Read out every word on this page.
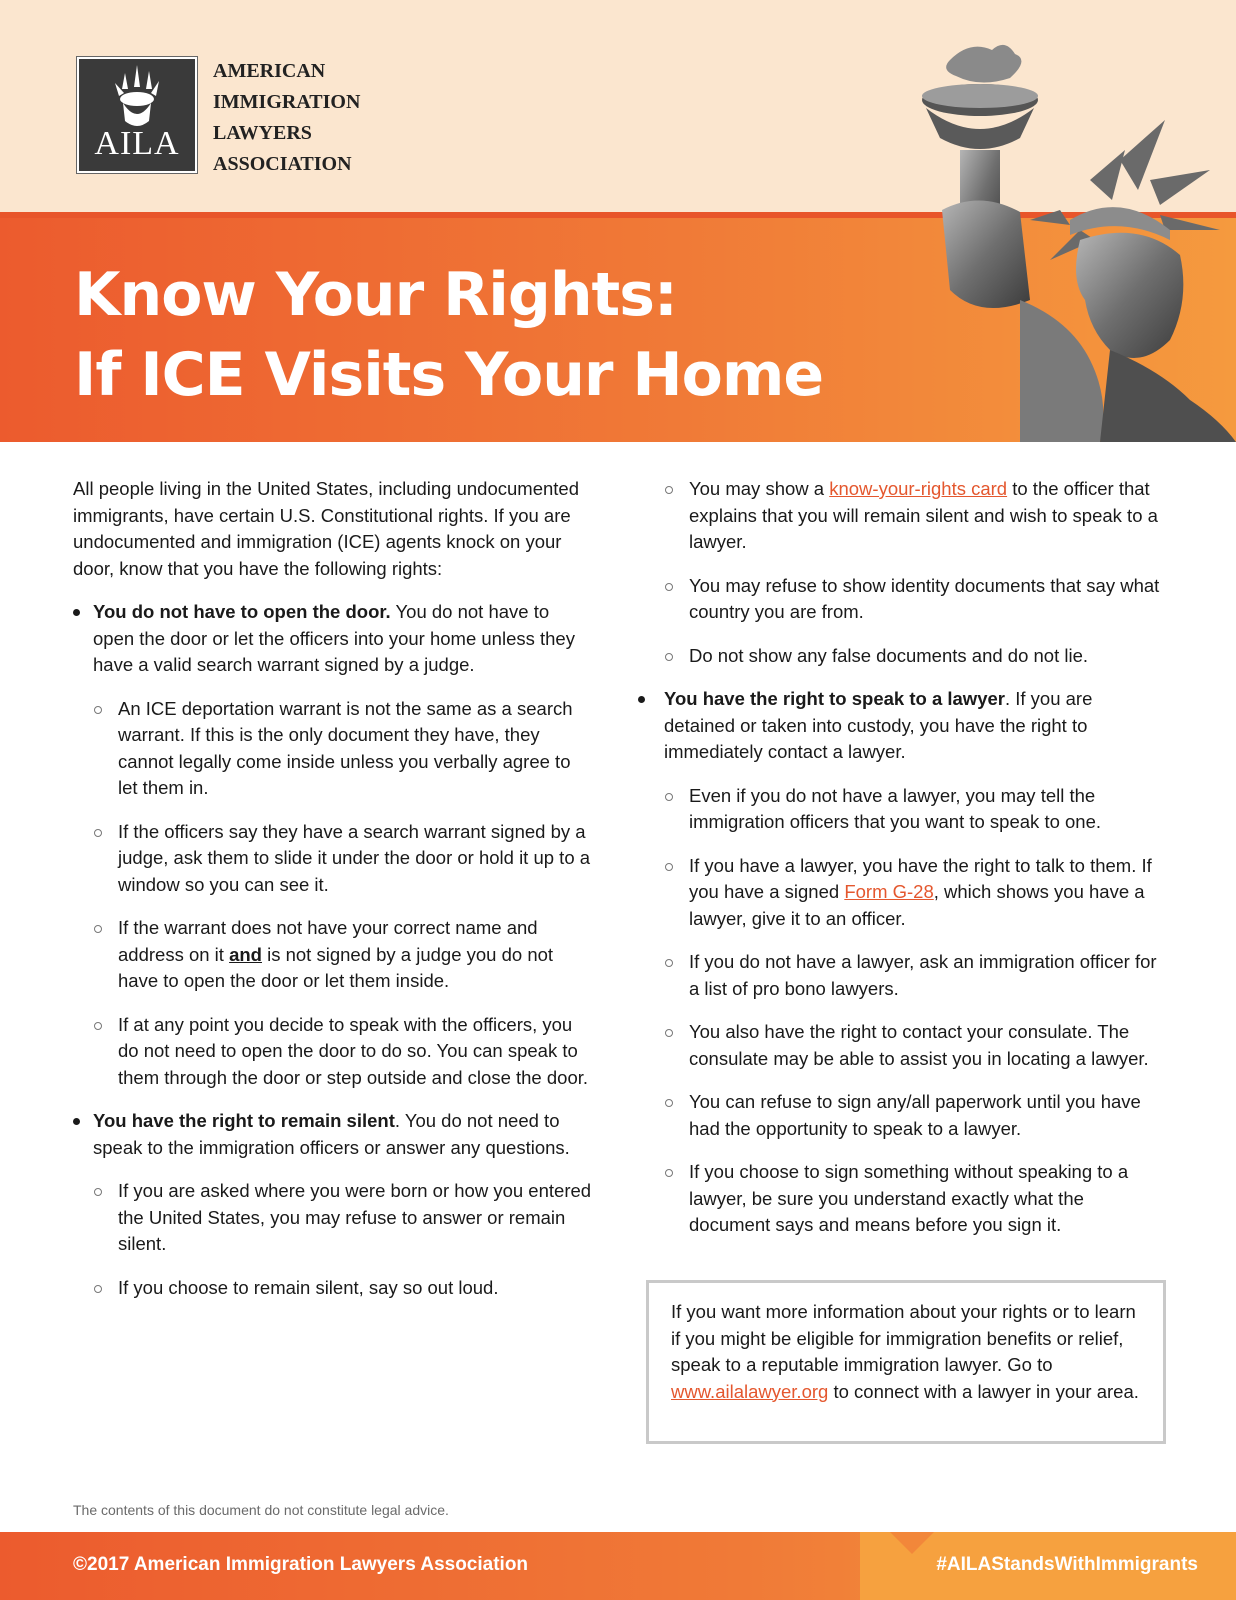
AILA
AMERICAN
IMMIGRATION
LAWYERS
ASSOCIATION
Know Your Rights:
If ICE Visits Your Home

All people living in the United States, including undocumented immigrants, have certain U.S. Constitutional rights. If you are undocumented and immigration (ICE) agents knock on your door, know that you have the following rights:

You do not have to open the door. You do not have to open the door or let the officers into your home unless they have a valid search warrant signed by a judge.

An ICE deportation warrant is not the same as a search warrant. If this is the only document they have, they cannot legally come inside unless you verbally agree to let them in.

If the officers say they have a search warrant signed by a judge, ask them to slide it under the door or hold it up to a window so you can see it.

If the warrant does not have your correct name and address on it and is not signed by a judge you do not have to open the door or let them inside.

If at any point you decide to speak with the officers, you do not need to open the door to do so. You can speak to them through the door or step outside and close the door.

You have the right to remain silent. You do not need to speak to the immigration officers or answer any questions.

If you are asked where you were born or how you entered the United States, you may refuse to answer or remain silent.

If you choose to remain silent, say so out loud.

You may show a know-your-rights card to the officer that explains that you will remain silent and wish to speak to a lawyer.

You may refuse to show identity documents that say what country you are from.

Do not show any false documents and do not lie.

You have the right to speak to a lawyer. If you are detained or taken into custody, you have the right to immediately contact a lawyer.

Even if you do not have a lawyer, you may tell the immigration officers that you want to speak to one.

If you have a lawyer, you have the right to talk to them. If you have a signed Form G-28, which shows you have a lawyer, give it to an officer.

If you do not have a lawyer, ask an immigration officer for a list of pro bono lawyers.

You also have the right to contact your consulate. The consulate may be able to assist you in locating a lawyer.

You can refuse to sign any/all paperwork until you have had the opportunity to speak to a lawyer.

If you choose to sign something without speaking to a lawyer, be sure you understand exactly what the document says and means before you sign it.

If you want more information about your rights or to learn if you might be eligible for immigration benefits or relief, speak to a reputable immigration lawyer. Go to www.ailalawyer.org to connect with a lawyer in your area.

The contents of this document do not constitute legal advice.

©2017 American Immigration Lawyers Association	#AILAStandsWithImmigrants
